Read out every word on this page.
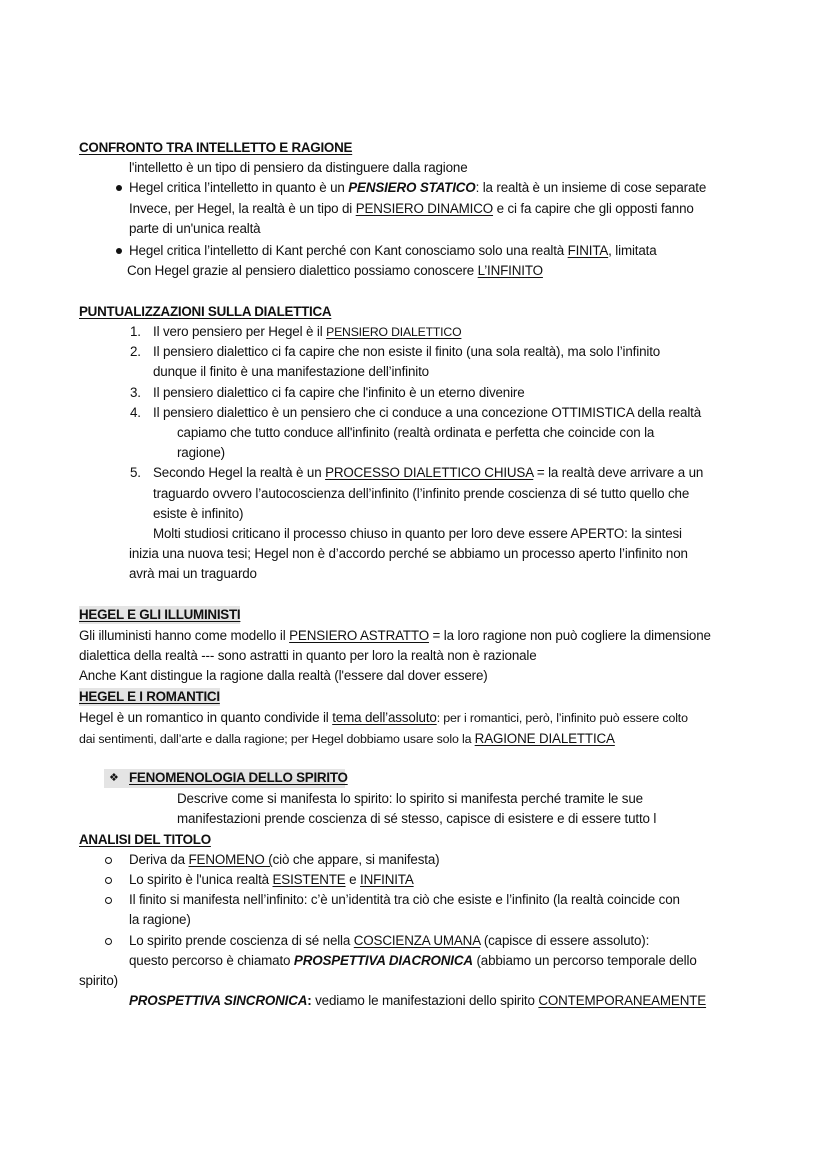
CONFRONTO TRA INTELLETTO E RAGIONE
l'intelletto è un tipo di pensiero da distinguere dalla ragione
Hegel critica l’intelletto in quanto è un PENSIERO STATICO: la realtà è un insieme di cose separate
Invece, per Hegel, la realtà è un tipo di PENSIERO DINAMICO e ci fa capire che gli opposti fanno
parte di un'unica realtà
Hegel critica l’intelletto di Kant perché con Kant conosciamo solo una realtà FINITA, limitata
Con Hegel grazie al pensiero dialettico possiamo conoscere L’INFINITO
PUNTUALIZZAZIONI SULLA DIALETTICA
1. Il vero pensiero per Hegel è il PENSIERO DIALETTICO
2. Il pensiero dialettico ci fa capire che non esiste il finito (una sola realtà), ma solo l’infinito
dunque il finito è una manifestazione dell’infinito
3. Il pensiero dialettico ci fa capire che l'infinito è un eterno divenire
4. Il pensiero dialettico è un pensiero che ci conduce a una concezione OTTIMISTICA della realtà
capiamo che tutto conduce all'infinito (realtà ordinata e perfetta che coincide con la
ragione)
5. Secondo Hegel la realtà è un PROCESSO DIALETTICO CHIUSA = la realtà deve arrivare a un
traguardo ovvero l’autocoscienza dell’infinito (l’infinito prende coscienza di sé tutto quello che
esiste è infinito)
Molti studiosi criticano il processo chiuso in quanto per loro deve essere APERTO: la sintesi
inizia una nuova tesi; Hegel non è d’accordo perché se abbiamo un processo aperto l’infinito non
avrà mai un traguardo
HEGEL E GLI ILLUMINISTI
Gli illuministi hanno come modello il PENSIERO ASTRATTO = la loro ragione non può cogliere la dimensione
dialettica della realtà --- sono astratti in quanto per loro la realtà non è razionale
Anche Kant distingue la ragione dalla realtà (l'essere dal dover essere)
HEGEL E I ROMANTICI
Hegel è un romantico in quanto condivide il tema dell’assoluto: per i romantici, però, l’infinito può essere colto
dai sentimenti, dall’arte e dalla ragione; per Hegel dobbiamo usare solo la RAGIONE DIALETTICA
❖ FENOMENOLOGIA DELLO SPIRITO
Descrive come si manifesta lo spirito: lo spirito si manifesta perché tramite le sue
manifestazioni prende coscienza di sé stesso, capisce di esistere e di essere tutto l
ANALISI DEL TITOLO
Deriva da FENOMENO (ciò che appare, si manifesta)
Lo spirito è l'unica realtà ESISTENTE e INFINITA
Il finito si manifesta nell’infinito: c’è un’identità tra ciò che esiste e l’infinito (la realtà coincide con
la ragione)
Lo spirito prende coscienza di sé nella COSCIENZA UMANA (capisce di essere assoluto):
questo percorso è chiamato PROSPETTIVA DIACRONICA (abbiamo un percorso temporale dello
spirito)
PROSPETTIVA SINCRONICA: vediamo le manifestazioni dello spirito CONTEMPORANEAMENTE
